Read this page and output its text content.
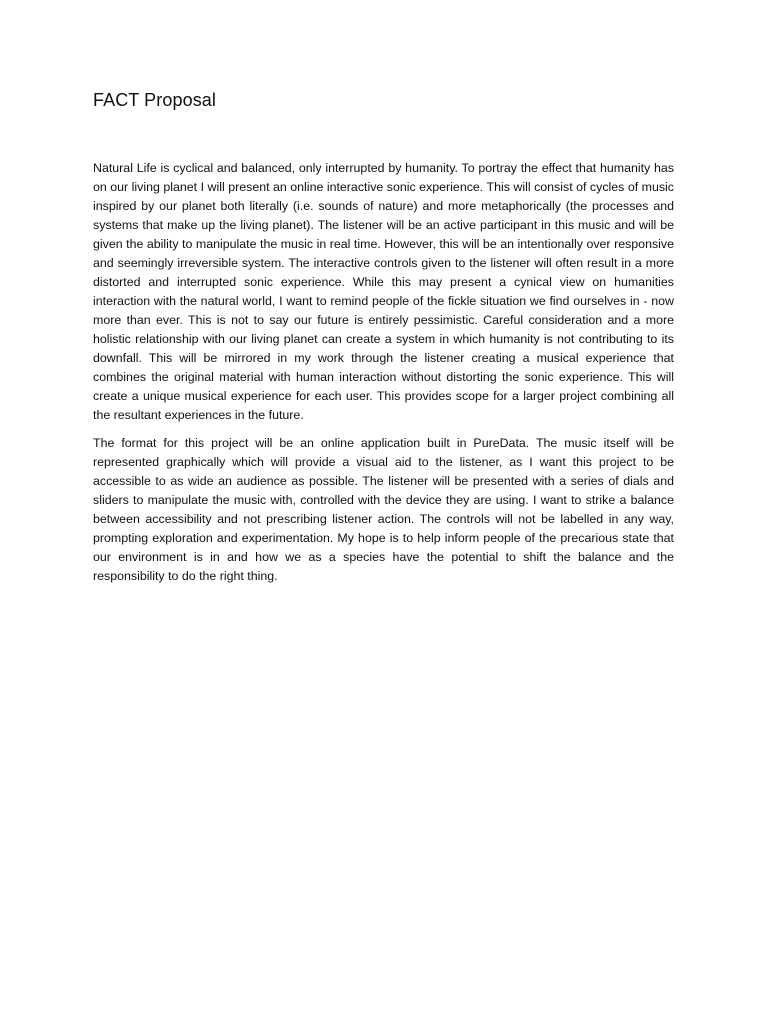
FACT Proposal

Natural Life is cyclical and balanced, only interrupted by humanity. To portray the effect that humanity has on our living planet I will present an online interactive sonic experience. This will consist of cycles of music inspired by our planet both literally (i.e. sounds of nature) and more metaphorically (the processes and systems that make up the living planet). The listener will be an active participant in this music and will be given the ability to manipulate the music in real time. However, this will be an intentionally over responsive and seemingly irreversible system. The interactive controls given to the listener will often result in a more distorted and interrupted sonic experience. While this may present a cynical view on humanities interaction with the natural world, I want to remind people of the fickle situation we find ourselves in - now more than ever. This is not to say our future is entirely pessimistic. Careful consideration and a more holistic relationship with our living planet can create a system in which humanity is not contributing to its downfall. This will be mirrored in my work through the listener creating a musical experience that combines the original material with human interaction without distorting the sonic experience. This will create a unique musical experience for each user. This provides scope for a larger project combining all the resultant experiences in the future.

The format for this project will be an online application built in PureData. The music itself will be represented graphically which will provide a visual aid to the listener, as I want this project to be accessible to as wide an audience as possible. The listener will be presented with a series of dials and sliders to manipulate the music with, controlled with the device they are using. I want to strike a balance between accessibility and not prescribing listener action. The controls will not be labelled in any way, prompting exploration and experimentation. My hope is to help inform people of the precarious state that our environment is in and how we as a species have the potential to shift the balance and the responsibility to do the right thing.
